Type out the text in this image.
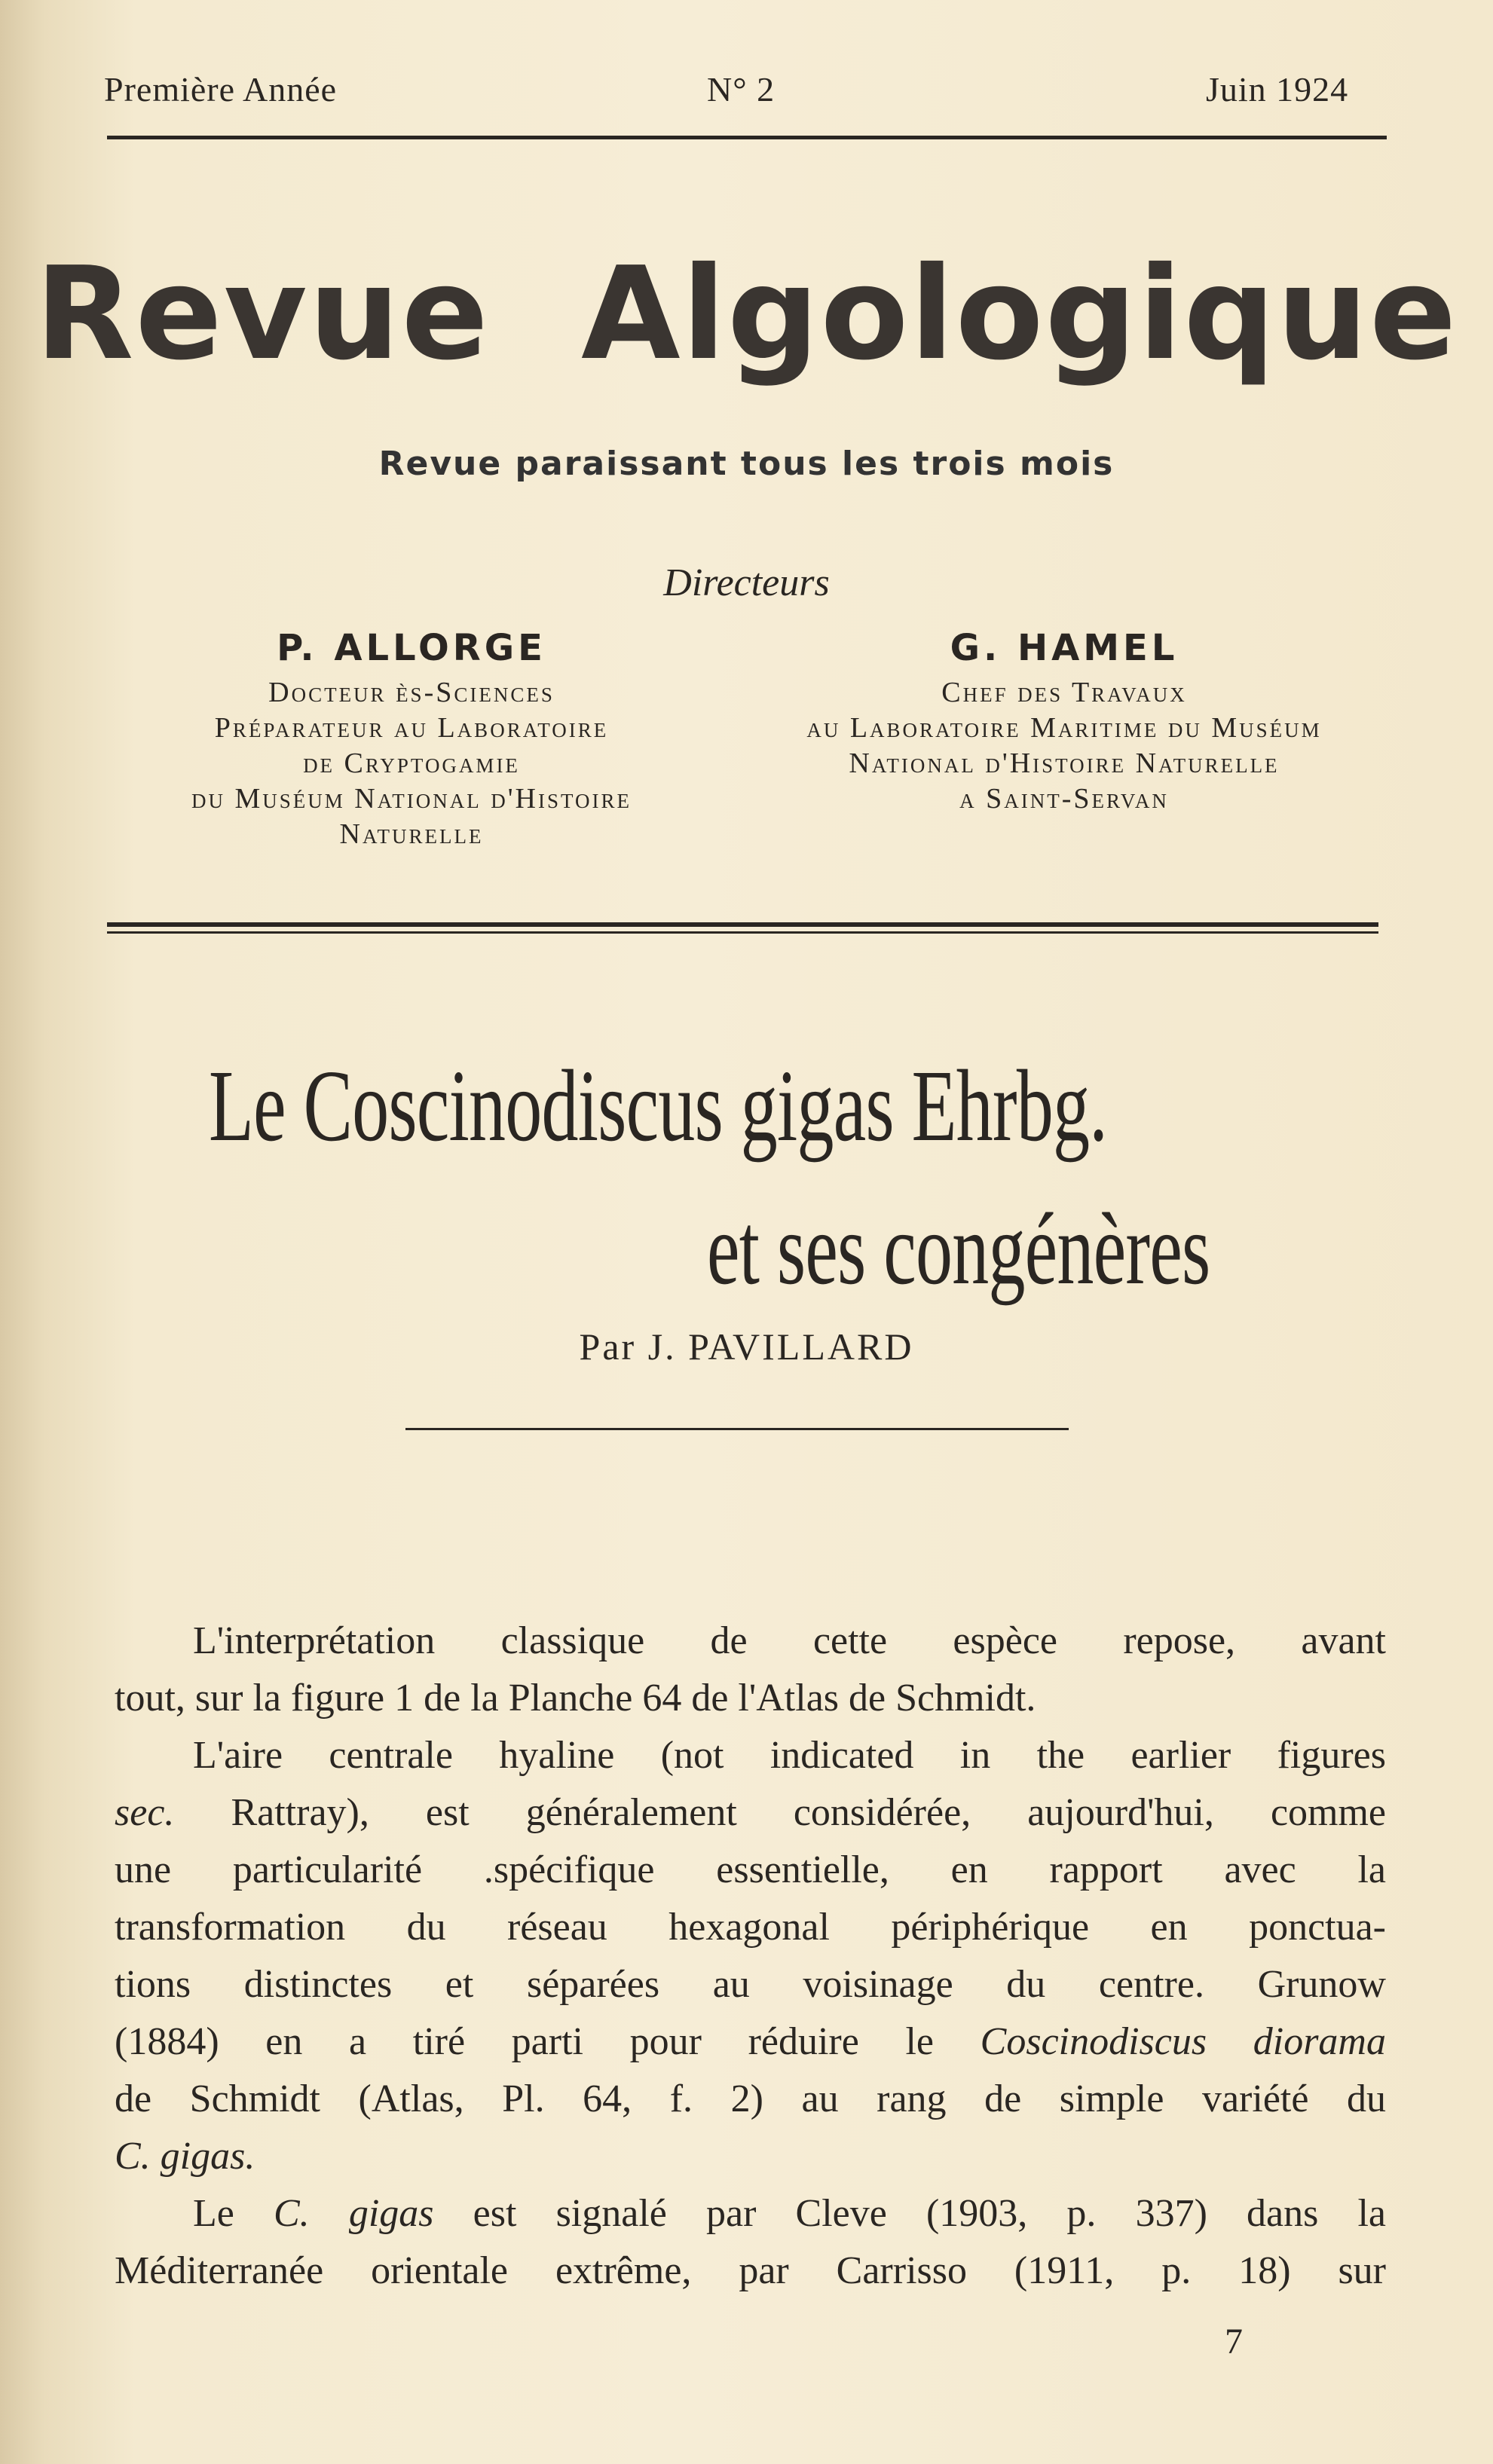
Première Année	N° 2	Juin 1924
Revue Algologique
Revue paraissant tous les trois mois
Directeurs
P. ALLORGE
Docteur ès-Sciences
Préparateur au Laboratoire
de Cryptogamie
du Muséum National d'Histoire
Naturelle
G. HAMEL
Chef des Travaux
au Laboratoire Maritime du Muséum
National d'Histoire Naturelle
a Saint-Servan
Le Coscinodiscus gigas Ehrbg.
et ses congénères
Par J. PAVILLARD
L'interprétation classique de cette espèce repose, avant
tout, sur la figure 1 de la Planche 64 de l'Atlas de Schmidt.
L'aire centrale hyaline (not indicated in the earlier figures
sec. Rattray), est généralement considérée, aujourd'hui, comme
une particularité .spécifique essentielle, en rapport avec la
transformation du réseau hexagonal périphérique en ponctua-
tions distinctes et séparées au voisinage du centre. Grunow
(1884) en a tiré parti pour réduire le Coscinodiscus diorama
de Schmidt (Atlas, Pl. 64, f. 2) au rang de simple variété du
C. gigas.
Le C. gigas est signalé par Cleve (1903, p. 337) dans la
Méditerranée orientale extrême, par Carrisso (1911, p. 18) sur
7
